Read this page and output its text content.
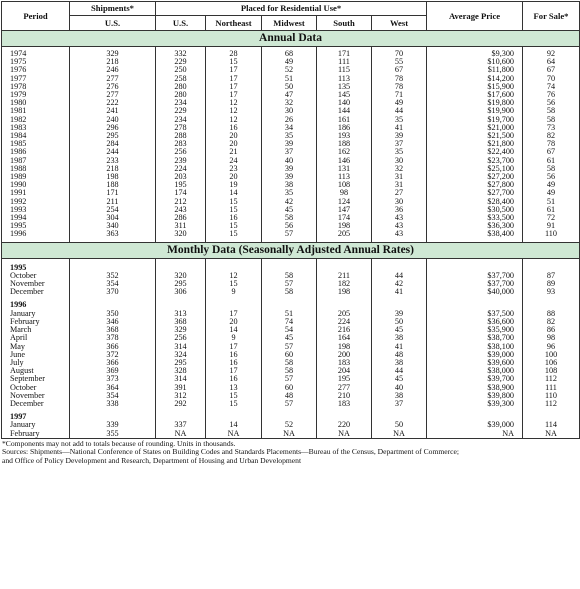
Period	Shipments*	Placed for Residential Use*					Average Price	For Sale*
	U.S.	U.S.	Northeast	Midwest	South	West		
Annual Data								

1974	329	332	28	68	171	70	$9,300	92
1975	218	229	15	49	111	55	$10,600	64
1976	246	250	17	52	115	67	$11,800	67
1977	277	258	17	51	113	78	$14,200	70
1978	276	280	17	50	135	78	$15,900	74
1979	277	280	17	47	145	71	$17,600	76
1980	222	234	12	32	140	49	$19,800	56
1981	241	229	12	30	144	44	$19,900	58
1982	240	234	12	26	161	35	$19,700	58
1983	296	278	16	34	186	41	$21,000	73
1984	295	288	20	35	193	39	$21,500	82
1985	284	283	20	39	188	37	$21,800	78
1986	244	256	21	37	162	35	$22,400	67
1987	233	239	24	40	146	30	$23,700	61
1988	218	224	23	39	131	32	$25,100	58
1989	198	203	20	39	113	31	$27,200	56
1990	188	195	19	38	108	31	$27,800	49
1991	171	174	14	35	98	27	$27,700	49
1992	211	212	15	42	124	30	$28,400	51
1993	254	243	15	45	147	36	$30,500	61
1994	304	286	16	58	174	43	$33,500	72
1995	340	311	15	56	198	43	$36,300	91
1996	363	320	15	57	205	43	$38,400	110

Monthly Data (Seasonally Adjusted Annual Rates)								

1995								
October	352	320	12	58	211	44	$37,700	87
November	354	295	15	57	182	42	$37,700	89
December	370	306	9	58	198	41	$40,000	93

1996								
January	350	313	17	51	205	39	$37,500	88
February	346	368	20	74	224	50	$36,600	82
March	368	329	14	54	216	45	$35,900	86
April	378	256	9	45	164	38	$38,700	98
May	366	314	17	57	198	41	$38,100	96
June	372	324	16	60	200	48	$39,000	100
July	366	295	16	58	183	38	$39,600	106
August	369	328	17	58	204	44	$38,000	108
September	373	314	16	57	195	45	$39,700	112
October	364	391	13	60	277	40	$38,900	111
November	354	312	15	48	210	38	$39,800	110
December	338	292	15	57	183	37	$39,300	112

1997								
January	339	337	14	52	220	50	$39,000	114
February	355	NA	NA	NA	NA	NA	NA	NA
*Components may not add to totals because of rounding. Units in thousands.
Sources: Shipments—National Conference of States on Building Codes and Standards Placements—Bureau of the Census, Department of Commerce;
and Office of Policy Development and Research, Department of Housing and Urban Development
